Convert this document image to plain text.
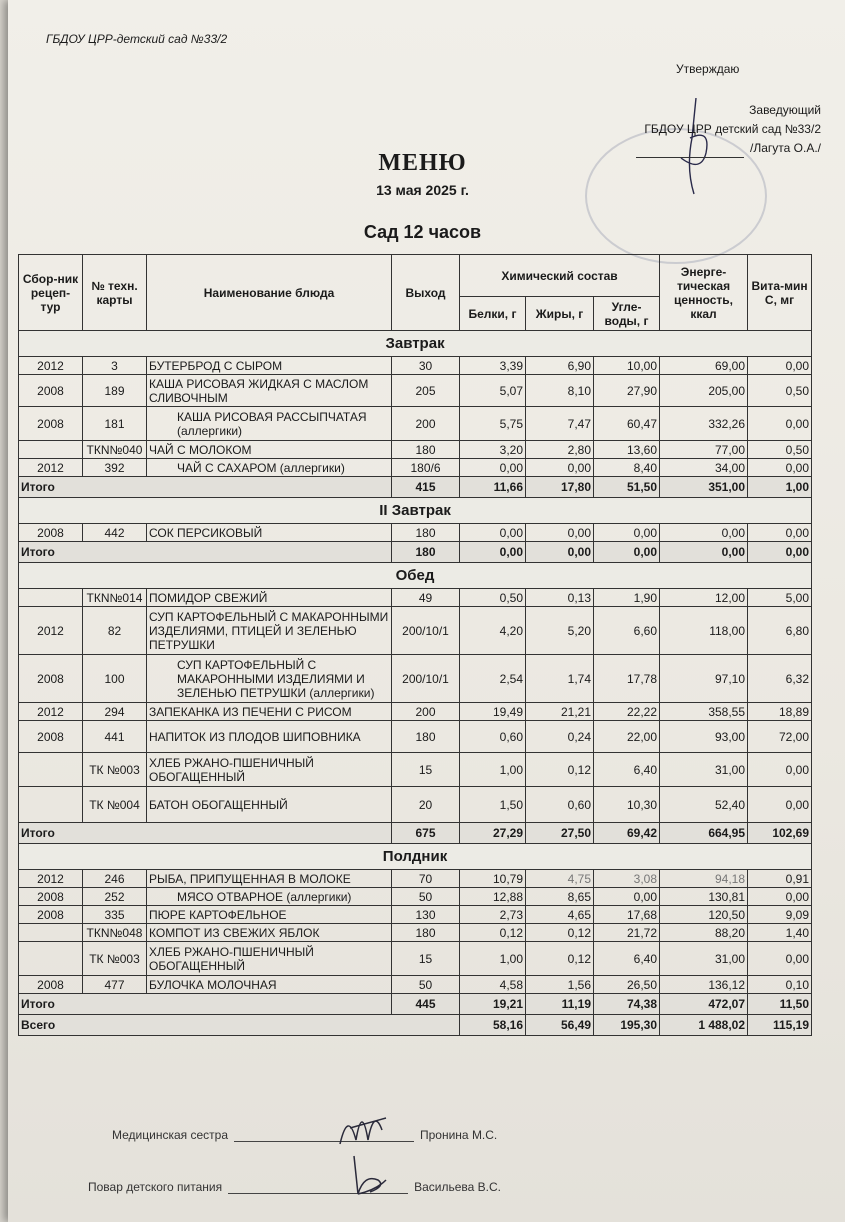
ГБДОУ ЦРР-детский сад №33/2
Утверждаю
Заведующий
ГБДОУ ЦРР детский сад №33/2
/Лагута О.А./
МЕНЮ
13 мая 2025 г.
Сад 12 часов
Сбор-ник рецеп-тур	№ техн. карты	Наименование блюда	Выход	Химический состав			Энерге-тическая ценность, ккал	Вита-мин С, мг
				Белки, г	Жиры, г	Угле-воды, г		
Завтрак								
2012	3	БУТЕРБРОД С СЫРОМ	30	3,39	6,90	10,00	69,00	0,00
2008	189	КАША РИСОВАЯ ЖИДКАЯ С МАСЛОМ СЛИВОЧНЫМ	205	5,07	8,10	27,90	205,00	0,50
2008	181	КАША РИСОВАЯ РАССЫПЧАТАЯ (аллергики)	200	5,75	7,47	60,47	332,26	0,00
	ТКN№040	ЧАЙ С МОЛОКОМ	180	3,20	2,80	13,60	77,00	0,50
2012	392	ЧАЙ С САХАРОМ (аллергики)	180/6	0,00	0,00	8,40	34,00	0,00
Итого			415	11,66	17,80	51,50	351,00	1,00
II Завтрак								
2008	442	СОК ПЕРСИКОВЫЙ	180	0,00	0,00	0,00	0,00	0,00
Итого			180	0,00	0,00	0,00	0,00	0,00
Обед								
	ТКN№014	ПОМИДОР СВЕЖИЙ	49	0,50	0,13	1,90	12,00	5,00
2012	82	СУП КАРТОФЕЛЬНЫЙ С МАКАРОННЫМИ ИЗДЕЛИЯМИ, ПТИЦЕЙ И ЗЕЛЕНЬЮ ПЕТРУШКИ	200/10/1	4,20	5,20	6,60	118,00	6,80
2008	100	СУП КАРТОФЕЛЬНЫЙ С МАКАРОННЫМИ ИЗДЕЛИЯМИ И ЗЕЛЕНЬЮ ПЕТРУШКИ (аллергики)	200/10/1	2,54	1,74	17,78	97,10	6,32
2012	294	ЗАПЕКАНКА ИЗ ПЕЧЕНИ С РИСОМ	200	19,49	21,21	22,22	358,55	18,89
2008	441	НАПИТОК ИЗ ПЛОДОВ ШИПОВНИКА	180	0,60	0,24	22,00	93,00	72,00
	ТК №003	ХЛЕБ РЖАНО-ПШЕНИЧНЫЙ ОБОГАЩЕННЫЙ	15	1,00	0,12	6,40	31,00	0,00
	ТК №004	БАТОН ОБОГАЩЕННЫЙ	20	1,50	0,60	10,30	52,40	0,00
Итого			675	27,29	27,50	69,42	664,95	102,69
Полдник								
2012	246	РЫБА, ПРИПУЩЕННАЯ В МОЛОКЕ	70	10,79	4,75	3,08	94,18	0,91
2008	252	МЯСО ОТВАРНОЕ (аллергики)	50	12,88	8,65	0,00	130,81	0,00
2008	335	ПЮРЕ КАРТОФЕЛЬНОЕ	130	2,73	4,65	17,68	120,50	9,09
	ТКN№048	КОМПОТ ИЗ СВЕЖИХ ЯБЛОК	180	0,12	0,12	21,72	88,20	1,40
	ТК №003	ХЛЕБ РЖАНО-ПШЕНИЧНЫЙ ОБОГАЩЕННЫЙ	15	1,00	0,12	6,40	31,00	0,00
2008	477	БУЛОЧКА МОЛОЧНАЯ	50	4,58	1,56	26,50	136,12	0,10
Итого			445	19,21	11,19	74,38	472,07	11,50
Всего				58,16	56,49	195,30	1 488,02	115,19
Медицинская сестра	Пронина М.С.
Повар детского питания	Васильева В.С.
